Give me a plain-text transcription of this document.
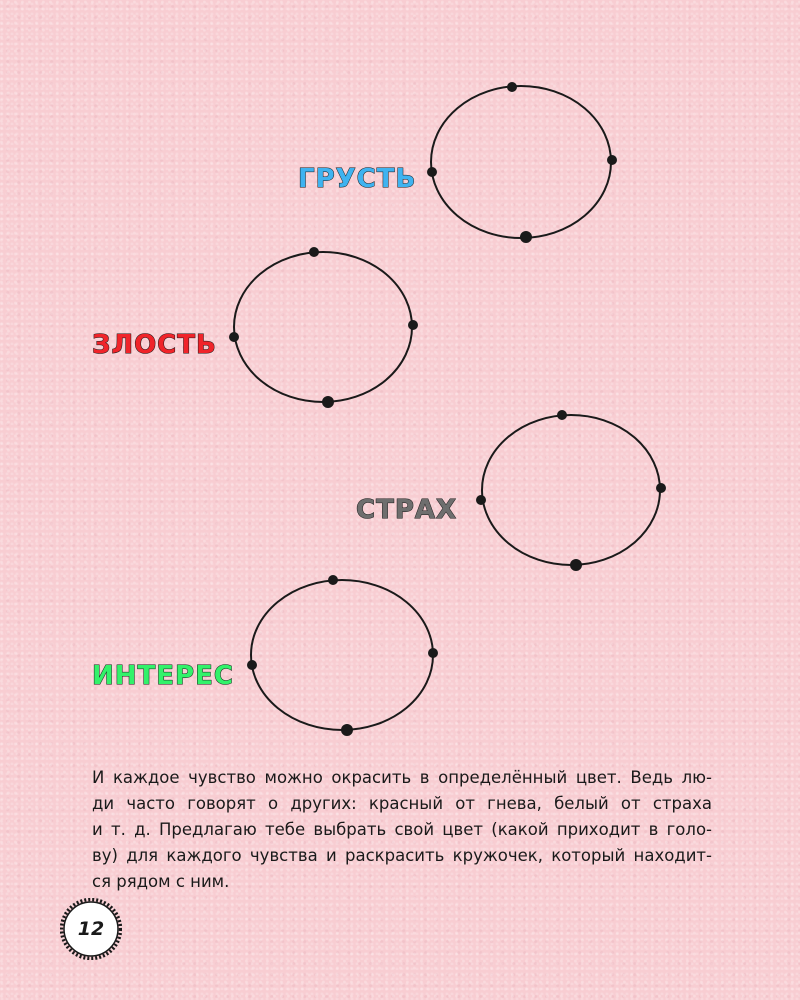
ГРУСТЬ
ЗЛОСТЬ
СТРАХ
ИНТЕРЕС
И каждое чувство можно окрасить в определённый цвет. Ведь лю-
ди часто говорят о других: красный от гнева, белый от страха
и т. д. Предлагаю тебе выбрать свой цвет (какой приходит в голо-
ву) для каждого чувства и раскрасить кружочек, который находит-
ся рядом с ним.
12
